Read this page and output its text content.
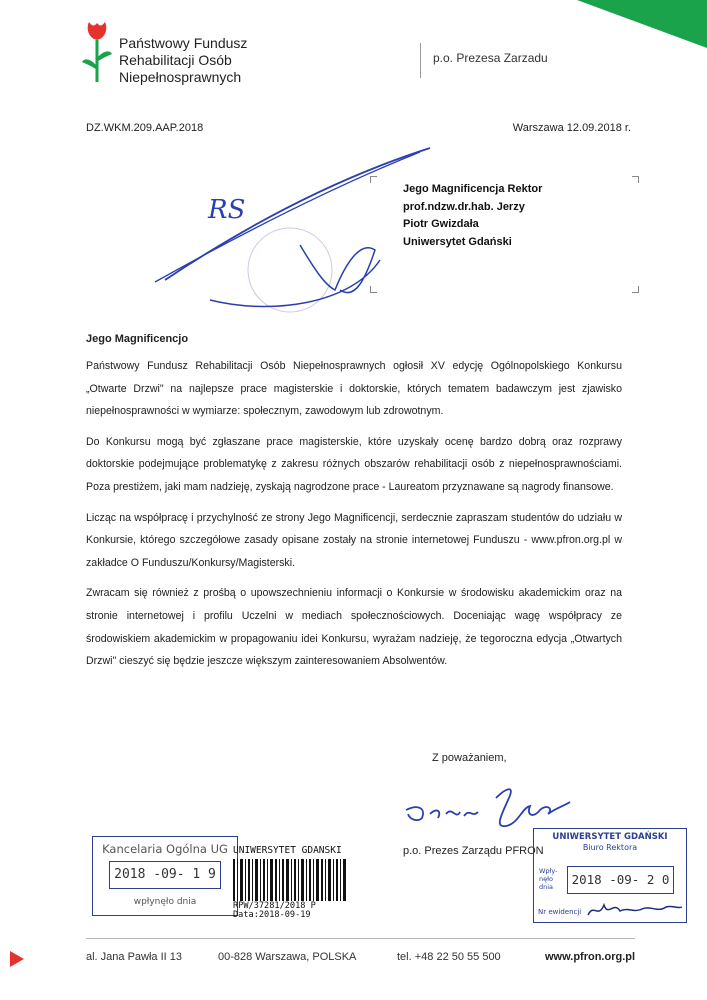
Państwowy Fundusz
Rehabilitacji Osób
Niepełnosprawnych
p.o. Prezesa Zarzadu
DZ.WKM.209.AAP.2018	Warszawa 12.09.2018 r.
Jego Magnificencja Rektor
prof.ndzw.dr.hab. Jerzy
Piotr Gwizdała
Uniwersytet Gdański
RS
Jego Magnificencjo

Państwowy Fundusz Rehabilitacji Osób Niepełnosprawnych ogłosił XV edycję Ogólnopolskiego Konkursu „Otwarte Drzwi" na najlepsze prace magisterskie i doktorskie, których tematem badawczym jest zjawisko niepełnosprawności w wymiarze: społecznym, zawodowym lub zdrowotnym.

Do Konkursu mogą być zgłaszane prace magisterskie, które uzyskały ocenę bardzo dobrą oraz rozprawy doktorskie podejmujące problematykę z zakresu różnych obszarów rehabilitacji osób z niepełnosprawnościami. Poza prestiżem, jaki mam nadzieję, zyskają nagrodzone prace - Laureatom przyznawane są nagrody finansowe.

Licząc na współpracę i przychylność ze strony Jego Magnificencji, serdecznie zapraszam studentów do udziału w Konkursie, którego szczegółowe zasady opisane zostały na stronie internetowej Funduszu - www.pfron.org.pl w zakładce O Funduszu/Konkursy/Magisterski.

Zwracam się również z prośbą o upowszechnieniu informacji o Konkursie w środowisku akademickim oraz na stronie internetowej i profilu Uczelni w mediach społecznościowych. Doceniając wagę współpracy ze środowiskiem akademickim w propagowaniu idei Konkursu, wyrażam nadzieję, że tegoroczna edycja „Otwartych Drzwi" cieszyć się będzie jeszcze większym zainteresowaniem Absolwentów.

Z poważaniem,
p.o. Prezes Zarządu PFRON
Kancelaria Ogólna UG
2018 -09- 1 9
wpłynęło dnia
UNIWERSYTET GDANSKI
RPW/37281/2018 P
Data:2018-09-19
UNIWERSYTET GDAŃSKI
Biuro Rektora
Wpły-nęło dnia	2018 -09- 2 0
Nr ewidencji
al. Jana Pawła II 13	00-828 Warszawa, POLSKA	tel. +48 22 50 55 500	www.pfron.org.pl
